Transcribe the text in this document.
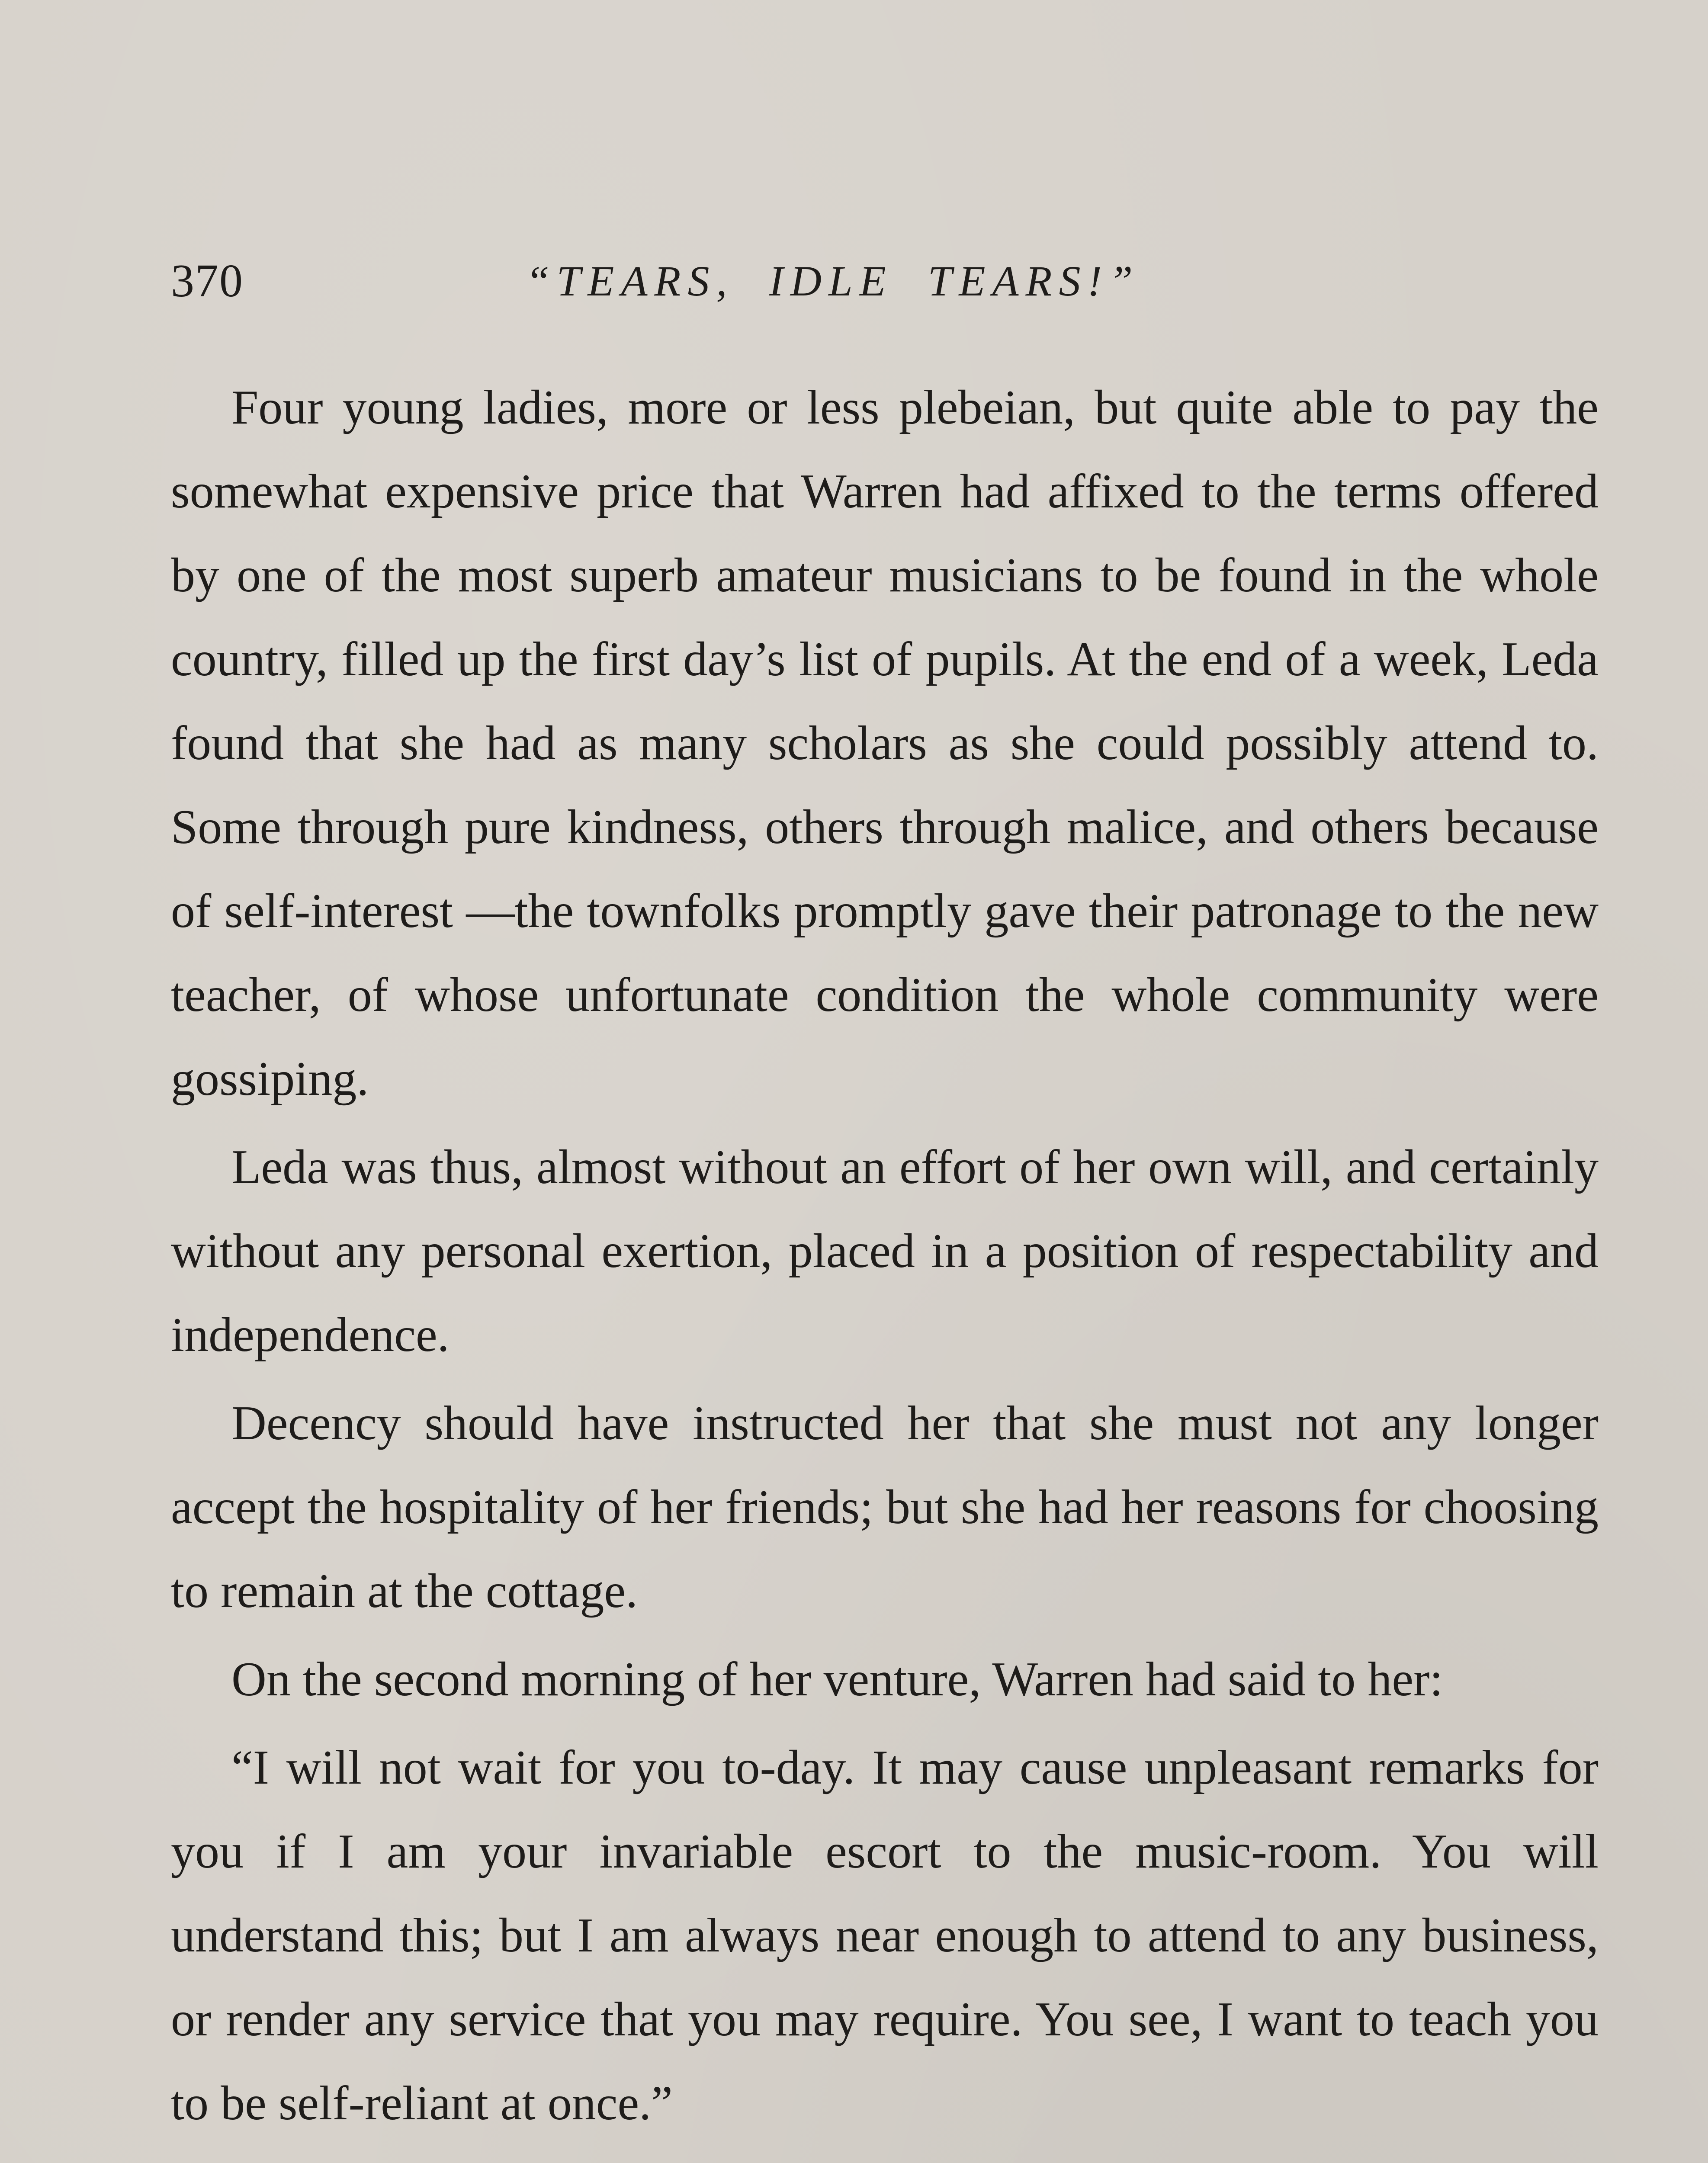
370	“TEARS, IDLE TEARS!”

Four young ladies, more or less plebeian, but quite able to pay the somewhat expensive price that Warren had affixed to the terms offered by one of the most superb amateur musicians to be found in the whole country, filled up the first day’s list of pupils. At the end of a week, Leda found that she had as many scholars as she could possibly attend to. Some through pure kindness, others through malice, and others because of self-interest —the townfolks promptly gave their patronage to the new teacher, of whose unfortunate condition the whole community were gossiping.

Leda was thus, almost without an effort of her own will, and certainly without any personal exertion, placed in a position of respectability and independence.

Decency should have instructed her that she must not any longer accept the hospitality of her friends; but she had her reasons for choosing to remain at the cottage.

On the second morning of her venture, Warren had said to her:

“I will not wait for you to-day. It may cause unpleasant remarks for you if I am your invariable escort to the music-room. You will understand this; but I am always near enough to attend to any business, or render any service that you may require. You see, I want to teach you to be self-reliant at once.”
